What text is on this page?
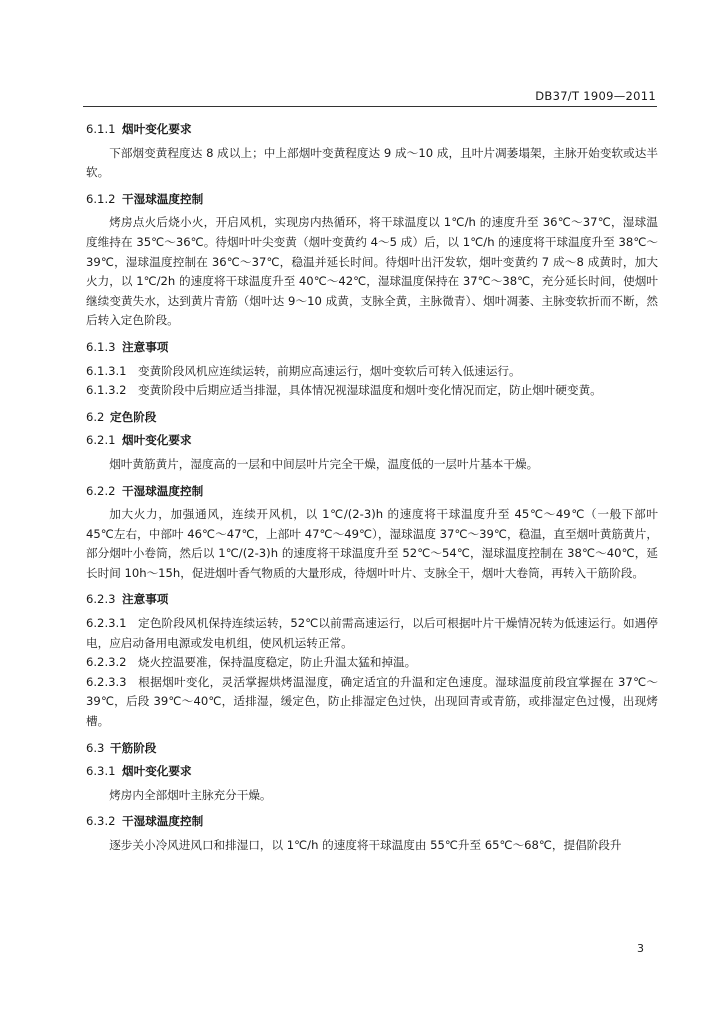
DB37/T 1909—2011
6.1.1 烟叶变化要求
下部烟变黄程度达 8 成以上；中上部烟叶变黄程度达 9 成～10 成，且叶片凋萎塌架，主脉开始变软或达半软。
6.1.2 干湿球温度控制
烤房点火后烧小火，开启风机，实现房内热循环，将干球温度以 1℃/h 的速度升至 36℃～37℃，湿球温度维持在 35℃～36℃。待烟叶叶尖变黄（烟叶变黄约 4～5 成）后，以 1℃/h 的速度将干球温度升至 38℃～39℃，湿球温度控制在 36℃～37℃，稳温并延长时间。待烟叶出汗发软，烟叶变黄约 7 成～8 成黄时，加大火力，以 1℃/2h 的速度将干球温度升至 40℃～42℃，湿球温度保持在 37℃～38℃，充分延长时间，使烟叶继续变黄失水，达到黄片青筋（烟叶达 9～10 成黄，支脉全黄，主脉微青）、烟叶凋萎、主脉变软折而不断，然后转入定色阶段。
6.1.3 注意事项
6.1.3.1 变黄阶段风机应连续运转，前期应高速运行，烟叶变软后可转入低速运行。
6.1.3.2 变黄阶段中后期应适当排湿，具体情况视湿球温度和烟叶变化情况而定，防止烟叶硬变黄。
6.2 定色阶段
6.2.1 烟叶变化要求
烟叶黄筋黄片，湿度高的一层和中间层叶片完全干燥，温度低的一层叶片基本干燥。
6.2.2 干湿球温度控制
加大火力，加强通风，连续开风机，以 1℃/(2-3)h 的速度将干球温度升至 45℃～49℃（一般下部叶 45℃左右，中部叶 46℃～47℃，上部叶 47℃～49℃），湿球温度 37℃～39℃，稳温，直至烟叶黄筋黄片，部分烟叶小卷筒，然后以 1℃/(2-3)h 的速度将干球温度升至 52℃～54℃，湿球温度控制在 38℃～40℃，延长时间 10h～15h，促进烟叶香气物质的大量形成，待烟叶叶片、支脉全干，烟叶大卷筒，再转入干筋阶段。
6.2.3 注意事项
6.2.3.1 定色阶段风机保持连续运转，52℃以前需高速运行，以后可根据叶片干燥情况转为低速运行。如遇停电，应启动备用电源或发电机组，使风机运转正常。
6.2.3.2 烧火控温要准，保持温度稳定，防止升温太猛和掉温。
6.2.3.3 根据烟叶变化，灵活掌握烘烤温湿度，确定适宜的升温和定色速度。湿球温度前段宜掌握在 37℃～39℃，后段 39℃～40℃，适排湿，缓定色，防止排湿定色过快，出现回青或青筋，或排湿定色过慢，出现烤槽。
6.3 干筋阶段
6.3.1 烟叶变化要求
烤房内全部烟叶主脉充分干燥。
6.3.2 干湿球温度控制
逐步关小冷风进风口和排湿口，以 1℃/h 的速度将干球温度由 55℃升至 65℃～68℃，提倡阶段升
3
